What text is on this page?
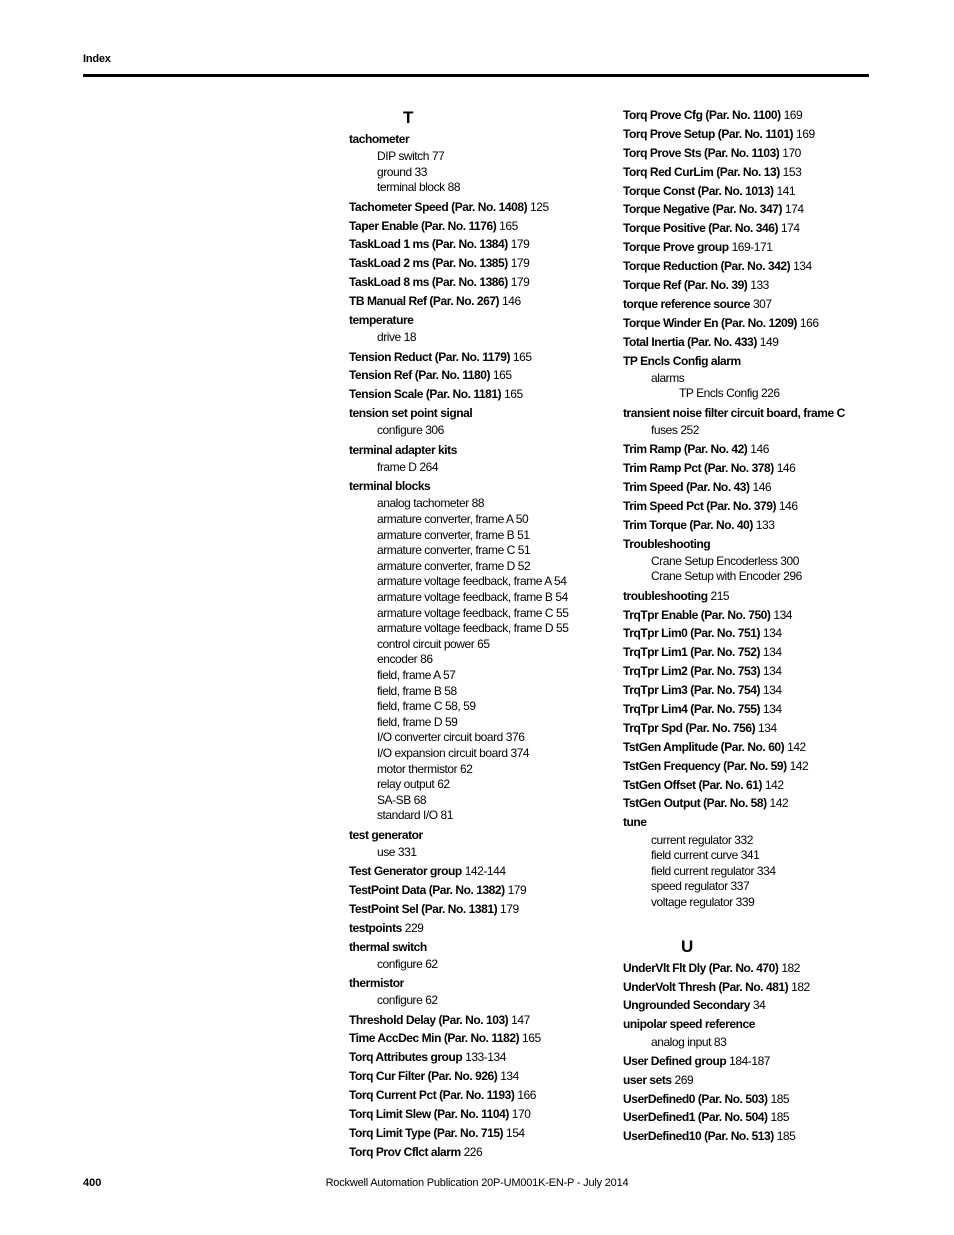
Index
T
tachometer
DIP switch 77
ground 33
terminal block 88
Tachometer Speed (Par. No. 1408) 125
Taper Enable (Par. No. 1176) 165
TaskLoad 1 ms (Par. No. 1384) 179
TaskLoad 2 ms (Par. No. 1385) 179
TaskLoad 8 ms (Par. No. 1386) 179
TB Manual Ref (Par. No. 267) 146
temperature
drive 18
Tension Reduct (Par. No. 1179) 165
Tension Ref (Par. No. 1180) 165
Tension Scale (Par. No. 1181) 165
tension set point signal
configure 306
terminal adapter kits
frame D 264
terminal blocks
analog tachometer 88
armature converter, frame A 50
armature converter, frame B 51
armature converter, frame C 51
armature converter, frame D 52
armature voltage feedback, frame A 54
armature voltage feedback, frame B 54
armature voltage feedback, frame C 55
armature voltage feedback, frame D 55
control circuit power 65
encoder 86
field, frame A 57
field, frame B 58
field, frame C 58, 59
field, frame D 59
I/O converter circuit board 376
I/O expansion circuit board 374
motor thermistor 62
relay output 62
SA-SB 68
standard I/O 81
test generator
use 331
Test Generator group 142-144
TestPoint Data (Par. No. 1382) 179
TestPoint Sel (Par. No. 1381) 179
testpoints 229
thermal switch
configure 62
thermistor
configure 62
Threshold Delay (Par. No. 103) 147
Time AccDec Min (Par. No. 1182) 165
Torq Attributes group 133-134
Torq Cur Filter (Par. No. 926) 134
Torq Current Pct (Par. No. 1193) 166
Torq Limit Slew (Par. No. 1104) 170
Torq Limit Type (Par. No. 715) 154
Torq Prov Cflct alarm 226
Torq Prove Cfg (Par. No. 1100) 169
Torq Prove Setup (Par. No. 1101) 169
Torq Prove Sts (Par. No. 1103) 170
Torq Red CurLim (Par. No. 13) 153
Torque Const (Par. No. 1013) 141
Torque Negative (Par. No. 347) 174
Torque Positive (Par. No. 346) 174
Torque Prove group 169-171
Torque Reduction (Par. No. 342) 134
Torque Ref (Par. No. 39) 133
torque reference source 307
Torque Winder En (Par. No. 1209) 166
Total Inertia (Par. No. 433) 149
TP Encls Config alarm
alarms
TP Encls Config 226
transient noise filter circuit board, frame C
fuses 252
Trim Ramp (Par. No. 42) 146
Trim Ramp Pct (Par. No. 378) 146
Trim Speed (Par. No. 43) 146
Trim Speed Pct (Par. No. 379) 146
Trim Torque (Par. No. 40) 133
Troubleshooting
Crane Setup Encoderless 300
Crane Setup with Encoder 296
troubleshooting 215
TrqTpr Enable (Par. No. 750) 134
TrqTpr Lim0 (Par. No. 751) 134
TrqTpr Lim1 (Par. No. 752) 134
TrqTpr Lim2 (Par. No. 753) 134
TrqTpr Lim3 (Par. No. 754) 134
TrqTpr Lim4 (Par. No. 755) 134
TrqTpr Spd (Par. No. 756) 134
TstGen Amplitude (Par. No. 60) 142
TstGen Frequency (Par. No. 59) 142
TstGen Offset (Par. No. 61) 142
TstGen Output (Par. No. 58) 142
tune
current regulator 332
field current curve 341
field current regulator 334
speed regulator 337
voltage regulator 339
U
UnderVlt Flt Dly (Par. No. 470) 182
UnderVolt Thresh (Par. No. 481) 182
Ungrounded Secondary 34
unipolar speed reference
analog input 83
User Defined group 184-187
user sets 269
UserDefined0 (Par. No. 503) 185
UserDefined1 (Par. No. 504) 185
UserDefined10 (Par. No. 513) 185
400	Rockwell Automation Publication 20P-UM001K-EN-P - July 2014
